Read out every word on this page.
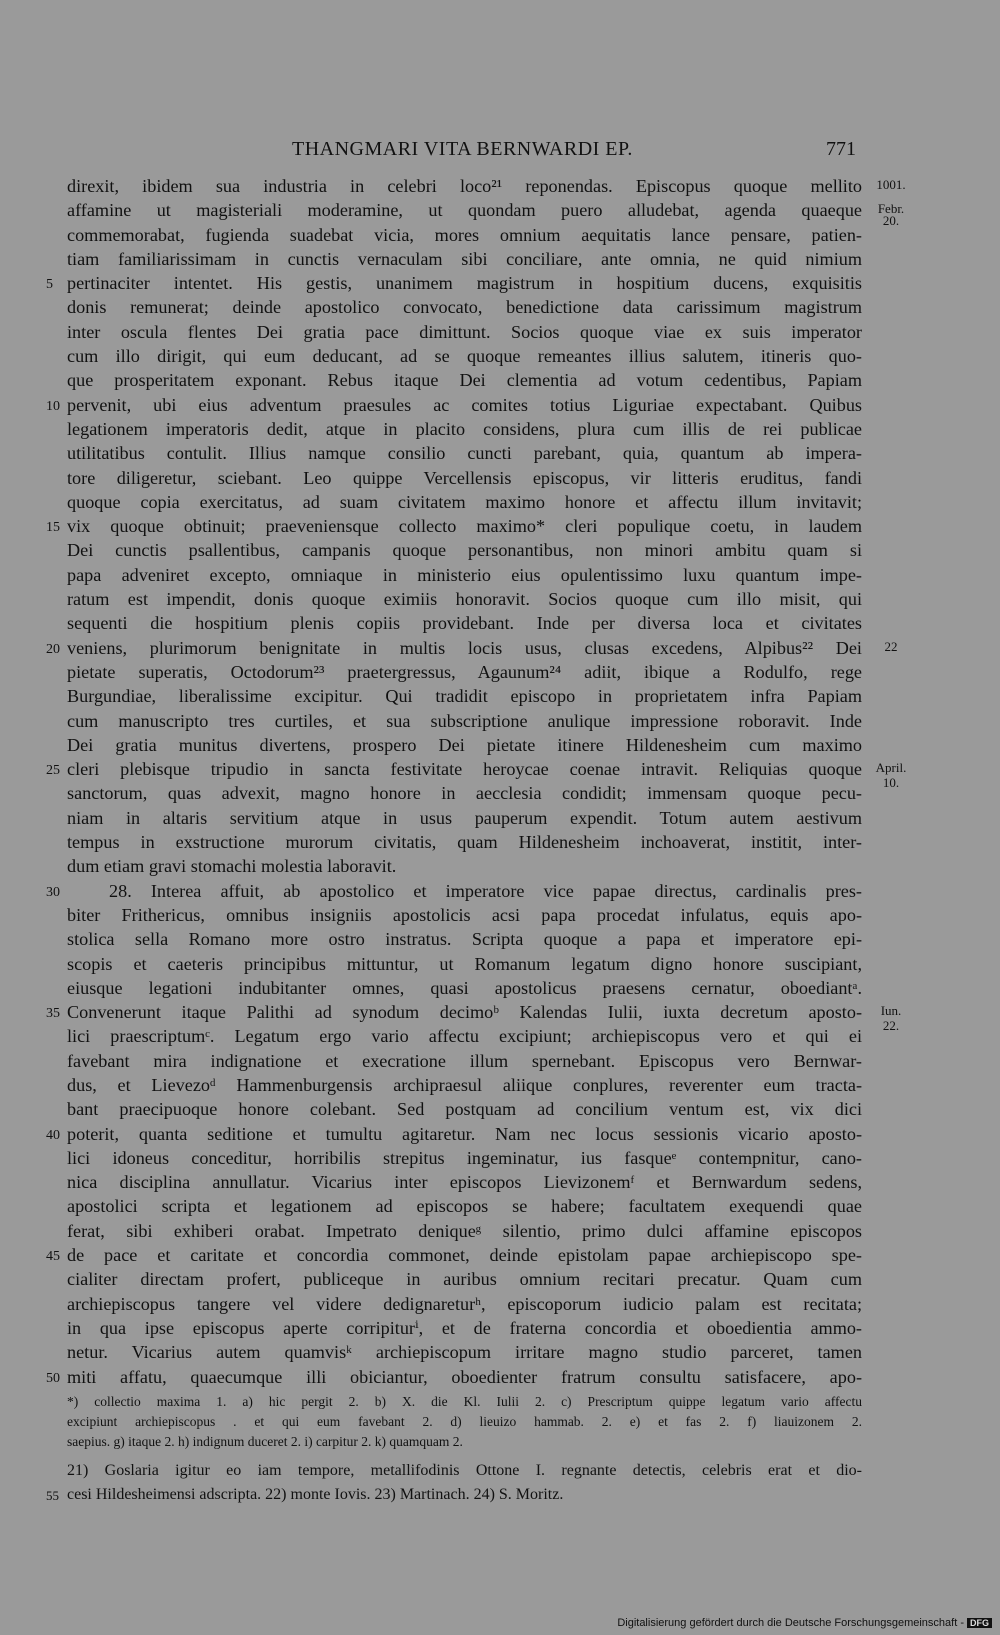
THANGMARI VITA BERNWARDI EP.	771
direxit, ibidem sua industria in celebri loco²¹ reponendas. Episcopus quoque mellito
affamine ut magisteriali moderamine, ut quondam puero alludebat, agenda quaeque
commemorabat, fugienda suadebat vicia, mores omnium aequitatis lance pensare, patien-
tiam familiarissimam in cunctis vernaculam sibi conciliare, ante omnia, ne quid nimium
5 pertinaciter intentet. His gestis, unanimem magistrum in hospitium ducens, exquisitis
donis remunerat; deinde apostolico convocato, benedictione data carissimum magistrum
inter oscula flentes Dei gratia pace dimittunt. Socios quoque viae ex suis imperator
cum illo dirigit, qui eum deducant, ad se quoque remeantes illius salutem, itineris quo-
que prosperitatem exponant. Rebus itaque Dei clementia ad votum cedentibus, Papiam
10 pervenit, ubi eius adventum praesules ac comites totius Liguriae expectabant. Quibus
legationem imperatoris dedit, atque in placito considens, plura cum illis de rei publicae
utilitatibus contulit. Illius namque consilio cuncti parebant, quia, quantum ab impera-
tore diligeretur, sciebant. Leo quippe Vercellensis episcopus, vir litteris eruditus, fandi
quoque copia exercitatus, ad suam civitatem maximo honore et affectu illum invitavit;
15 vix quoque obtinuit; praeveniensque collecto maximo* cleri populique coetu, in laudem
Dei cunctis psallentibus, campanis quoque personantibus, non minori ambitu quam si
papa adveniret excepto, omniaque in ministerio eius opulentissimo luxu quantum impe-
ratum est impendit, donis quoque eximiis honoravit. Socios quoque cum illo misit, qui
sequenti die hospitium plenis copiis providebant. Inde per diversa loca et civitates
20 veniens, plurimorum benignitate in multis locis usus, clusas excedens, Alpibus²² Dei
pietate superatis, Octodorum²³ praetergressus, Agaunum²⁴ adiit, ibique a Rodulfo, rege
Burgundiae, liberalissime excipitur. Qui tradidit episcopo in proprietatem infra Papiam
cum manuscripto tres curtiles, et sua subscriptione anulique impressione roboravit. Inde
Dei gratia munitus divertens, prospero Dei pietate itinere Hildenesheim cum maximo
25 cleri plebisque tripudio in sancta festivitate heroycae coenae intravit. Reliquias quoque
sanctorum, quas advexit, magno honore in aecclesia condidit; immensam quoque pecu-
niam in altaris servitium atque in usus pauperum expendit. Totum autem aestivum
tempus in exstructione murorum civitatis, quam Hildenesheim inchoaverat, institit, inter-
dum etiam gravi stomachi molestia laboravit.
30	28. Interea affuit, ab apostolico et imperatore vice papae directus, cardinalis pres-
biter Frithericus, omnibus insigniis apostolicis acsi papa procedat infulatus, equis apo-
stolica sella Romano more ostro instratus. Scripta quoque a papa et imperatore epi-
scopis et caeteris principibus mittuntur, ut Romanum legatum digno honore suscipiant,
eiusque legationi indubitanter omnes, quasi apostolicus praesens cernatur, oboediantᵃ.
35 Convenerunt itaque Palithi ad synodum decimoᵇ Kalendas Iulii, iuxta decretum aposto-
lici praescriptumᶜ. Legatum ergo vario affectu excipiunt; archiepiscopus vero et qui ei
favebant mira indignatione et execratione illum spernebant. Episcopus vero Bernwar-
dus, et Lievezoᵈ Hammenburgensis archipraesul aliique conplures, reverenter eum tracta-
bant praecipuoque honore colebant. Sed postquam ad concilium ventum est, vix dici
40 poterit, quanta seditione et tumultu agitaretur. Nam nec locus sessionis vicario aposto-
lici idoneus conceditur, horribilis strepitus ingeminatur, ius fasqueᵉ contempnitur, cano-
nica disciplina annullatur. Vicarius inter episcopos Lievizonemᶠ et Bernwardum sedens,
apostolici scripta et legationem ad episcopos se habere; facultatem exequendi quae
ferat, sibi exhiberi orabat. Impetrato deniqueᵍ silentio, primo dulci affamine episcopos
45 de pace et caritate et concordia commonet, deinde epistolam papae archiepiscopo spe-
cialiter directam profert, publiceque in auribus omnium recitari precatur. Quam cum
archiepiscopus tangere vel videre dedignareturʰ, episcoporum iudicio palam est recitata;
in qua ipse episcopus aperte corripiturⁱ, et de fraterna concordia et oboedientia ammo-
netur. Vicarius autem quamvisᵏ archiepiscopum irritare magno studio parceret, tamen
50 miti affatu, quaecumque illi obiciantur, oboedienter fratrum consultu satisfacere, apo-
1001.
Febr.
20.
22
April.
10.
Iun.
22.
*) collectio maxima 1. a) hic pergit 2. b) X. die Kl. Iulii 2. c) Prescriptum quippe legatum vario affectu
excipiunt archiepiscopus . et qui eum favebant 2. d) lieuizo hammab. 2. e) et fas 2. f) liauizonem 2.
saepius. g) itaque 2. h) indignum duceret 2. i) carpitur 2. k) quamquam 2.
21) Goslaria igitur eo iam tempore, metallifodinis Ottone I. regnante detectis, celebris erat et dio-
55 cesi Hildesheimensi adscripta. 22) monte Iovis. 23) Martinach. 24) S. Moritz.
Digitalisierung gefördert durch die Deutsche Forschungsgemeinschaft - DFG
